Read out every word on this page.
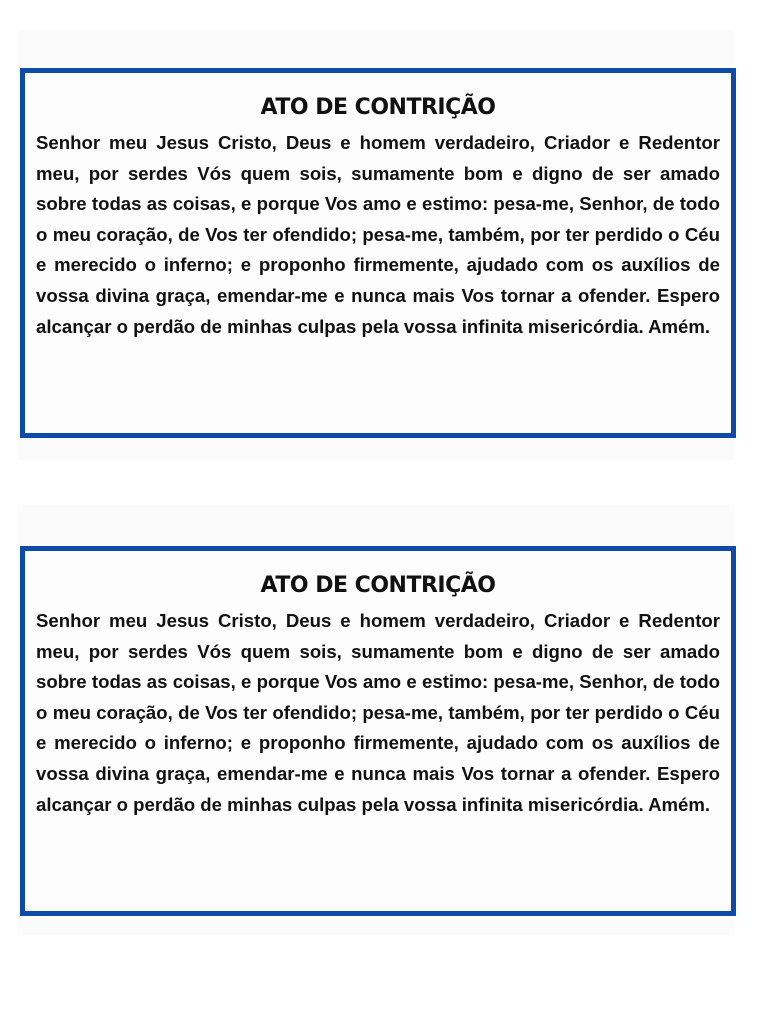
ATO DE CONTRIÇÃO
Senhor meu Jesus Cristo, Deus e homem verdadeiro, Criador e Redentor meu, por serdes Vós quem sois, sumamente bom e digno de ser amado sobre todas as coisas, e porque Vos amo e estimo: pesa-me, Senhor, de todo o meu coração, de Vos ter ofendido; pesa-me, também, por ter perdido o Céu e merecido o inferno; e proponho firmemente, ajudado com os auxílios de vossa divina graça, emendar-me e nunca mais Vos tornar a ofender. Espero alcançar o perdão de minhas culpas pela vossa infinita misericórdia. Amém.
ATO DE CONTRIÇÃO
Senhor meu Jesus Cristo, Deus e homem verdadeiro, Criador e Redentor meu, por serdes Vós quem sois, sumamente bom e digno de ser amado sobre todas as coisas, e porque Vos amo e estimo: pesa-me, Senhor, de todo o meu coração, de Vos ter ofendido; pesa-me, também, por ter perdido o Céu e merecido o inferno; e proponho firmemente, ajudado com os auxílios de vossa divina graça, emendar-me e nunca mais Vos tornar a ofender. Espero alcançar o perdão de minhas culpas pela vossa infinita misericórdia. Amém.
